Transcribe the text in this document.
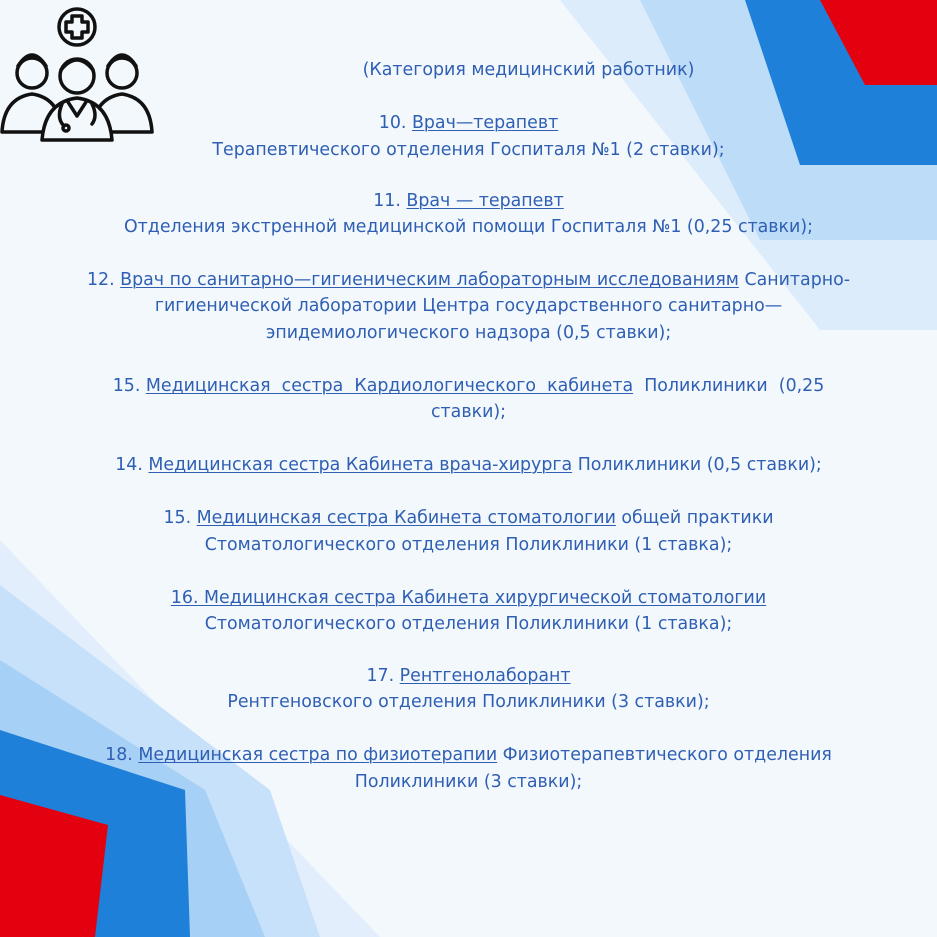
(Категория медицинский работник)
10. Врач—терапевт
Терапевтического отделения Госпиталя №1 (2 ставки);
11. Врач — терапевт
Отделения экстренной медицинской помощи Госпиталя №1 (0,25 ставки);
12. Врач по санитарно—гигиеническим лабораторным исследованиям Санитарно-
гигиенической лаборатории Центра государственного санитарно—
эпидемиологического надзора (0,5 ставки);
15. Медицинская  сестра  Кардиологического  кабинета  Поликлиники  (0,25
ставки);
14. Медицинская сестра Кабинета врача-хирурга Поликлиники (0,5 ставки);
15. Медицинская сестра Кабинета стоматологии общей практики
Стоматологического отделения Поликлиники (1 ставка);
16. Медицинская сестра Кабинета хирургической стоматологии
Стоматологического отделения Поликлиники (1 ставка);
17. Рентгенолаборант
Рентгеновского отделения Поликлиники (3 ставки);
18. Медицинская сестра по физиотерапии Физиотерапевтического отделения
Поликлиники (3 ставки);
